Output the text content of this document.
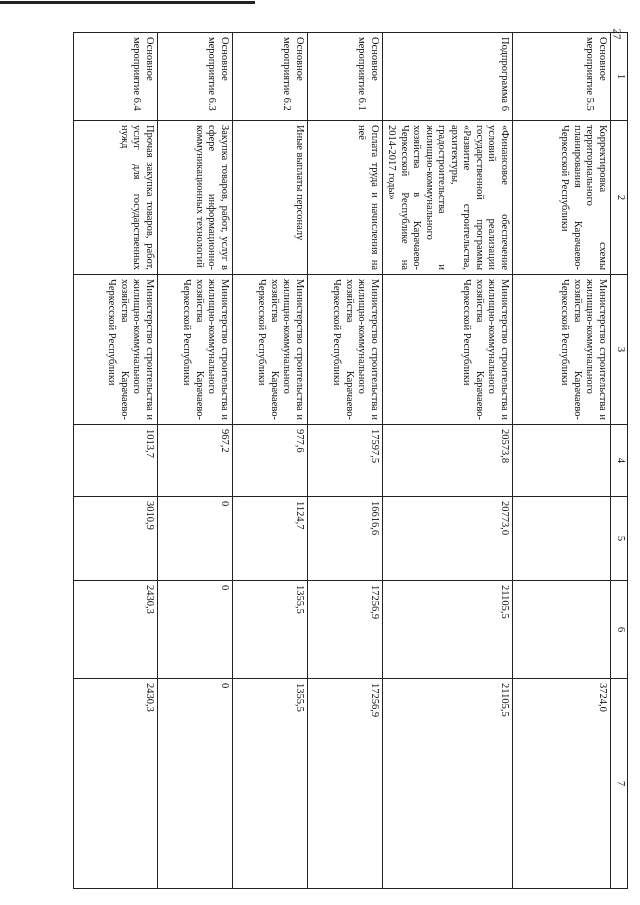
27
1	2	3	4	5	6	7
Основное мероприятие 5.5	Корректировка схемы территориального планирования Карачаево-Черкесской Республики	Министерство строительства и жилищно-коммунального хозяйства Карачаево-Черкесской Республики				3724,0
Подпрограмма 6	«Финансовое обеспечение условий реализации государственной программы «Развитие строительства, архитектуры, градостроительства и жилищно-коммунального хозяйства в Карачаево-Черкесской Республике на 2014-2017 годы»	Министерство строительства и жилищно-коммунального хозяйства Карачаево-Черкесской Республики	20573,8	20773,0	21105,5	21105,5
Основное мероприятие 6.1	Оплата труда и начисления на неё	Министерство строительства и жилищно-коммунального хозяйства Карачаево-Черкесской Республики	17597,5	16616,6	17256,9	17256,9
Основное мероприятие 6.2	Иные выплаты персоналу	Министерство строительства и жилищно-коммунального хозяйства Карачаево-Черкесской Республики	977,6	1124,7	1355,5	1355,5
Основное мероприятие 6.3	Закупка товаров, работ, услуг в сфере информационно-коммуникационных технологий	Министерство строительства и жилищно-коммунального хозяйства Карачаево-Черкесской Республики	967,2	0	0	0
Основное мероприятие 6.4	Прочая закупка товаров, работ, услуг для государственных нужд	Министерство строительства и жилищно-коммунального хозяйства Карачаево-Черкесской Республики	1013,7	3010,9	2430,3	2430,3
